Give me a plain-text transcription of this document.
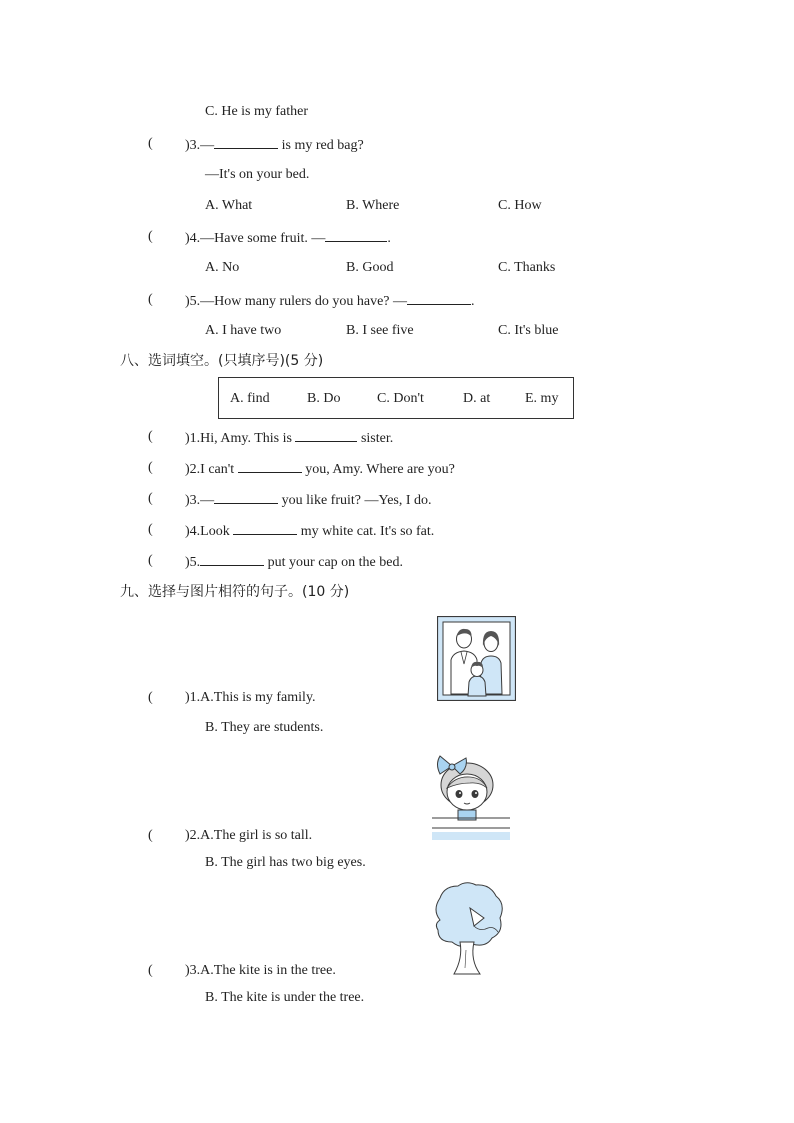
C. He is my father
( )3.—	is my red bag?
—It's on your bed.
A. What	B. Where	C. How
( )4.—Have some fruit. —	.
A. No	B. Good	C. Thanks
( )5.—How many rulers do you have? —	.
A. I have two	B. I see five	C. It's blue
八、选词填空。(只填序号)(5 分)
A. find	B. Do	C. Don't	D. at E. my
( )1.Hi, Amy. This is	sister.
( )2.I can't	you, Amy. Where are you?
( )3.—	you like fruit? —Yes, I do.
( )4.Look	my white cat. It's so fat.
( )5.	put your cap on the bed.
九、选择与图片相符的句子。(10 分)
( )1.A.This is my family.
B. They are students.
( )2.A.The girl is so tall.
B. The girl has two big eyes.
( )3.A.The kite is in the tree.
B. The kite is under the tree.
